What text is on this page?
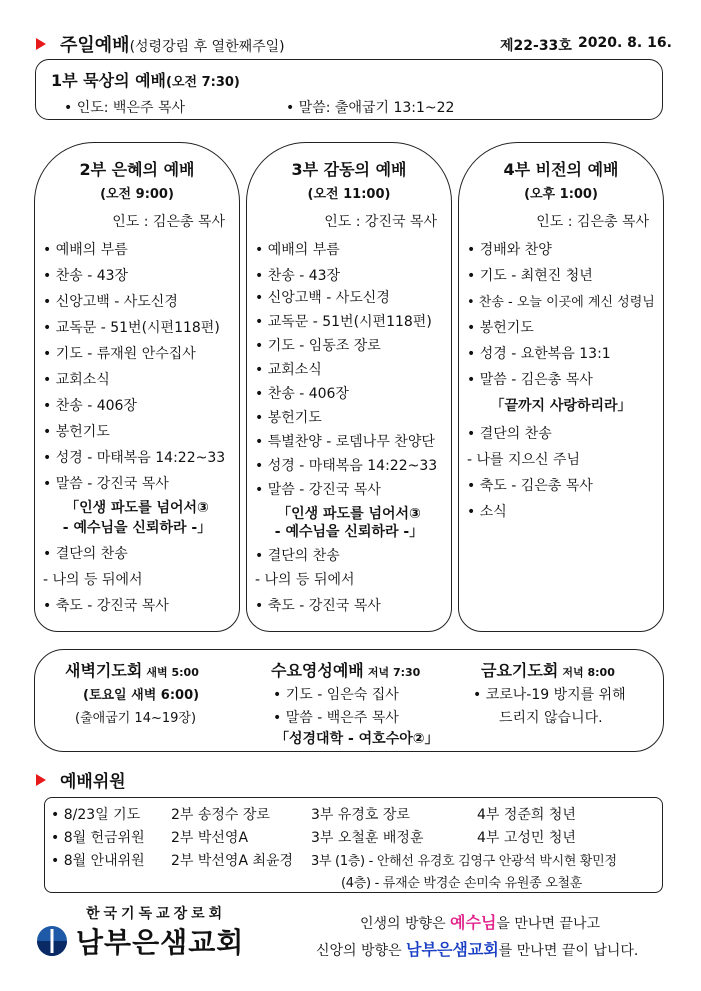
주일예배(성령강림 후 열한째주일)	제22-33호 2020. 8. 16.
1부 묵상의 예배(오전 7:30)
• 인도: 백은주 목사	• 말씀: 출애굽기 13:1~22
2부 은혜의 예배
(오전 9:00)
인도 : 김은총 목사
• 예배의 부름
• 찬송 - 43장
• 신앙고백 - 사도신경
• 교독문 - 51번(시편118편)
• 기도 - 류재원 안수집사
• 교회소식
• 찬송 - 406장
• 봉헌기도
• 성경 - 마태복음 14:22~33
• 말씀 - 강진국 목사
「인생 파도를 넘어서③
- 예수님을 신뢰하라 -」
• 결단의 찬송
- 나의 등 뒤에서
• 축도 - 강진국 목사
3부 감동의 예배
(오전 11:00)
인도 : 강진국 목사
• 예배의 부름
• 찬송 - 43장
• 신앙고백 - 사도신경
• 교독문 - 51번(시편118편)
• 기도 - 임동조 장로
• 교회소식
• 찬송 - 406장
• 봉헌기도
• 특별찬양 - 로뎀나무 찬양단
• 성경 - 마태복음 14:22~33
• 말씀 - 강진국 목사
「인생 파도를 넘어서③
- 예수님을 신뢰하라 -」
• 결단의 찬송
- 나의 등 뒤에서
• 축도 - 강진국 목사
4부 비전의 예배
(오후 1:00)
인도 : 김은총 목사
• 경배와 찬양
• 기도 - 최현진 청년
• 찬송 - 오늘 이곳에 계신 성령님
• 봉헌기도
• 성경 - 요한복음 13:1
• 말씀 - 김은총 목사
「끝까지 사랑하리라」
• 결단의 찬송
- 나를 지으신 주님
• 축도 - 김은총 목사
• 소식
새벽기도회 새벽 5:00
(토요일 새벽 6:00)
(출애굽기 14~19장)
수요영성예배 저녁 7:30
• 기도 - 임은숙 집사
• 말씀 - 백은주 목사
「성경대학 - 여호수아②」
금요기도회 저녁 8:00
• 코로나-19 방지를 위해
드리지 않습니다.
예배위원
• 8/23일 기도 2부 송정수 장로	3부 유경호 장로	4부 정준희 청년
• 8월 헌금위원 2부 박선영A	3부 오철훈 배정훈	4부 고성민 청년
• 8월 안내위원 2부 박선영A 최윤경 3부 (1층) - 안해선 유경호 김영구 안광석 박시현 황민정
(4층) - 류재순 박경순 손미숙 유원종 오철훈
한국기독교장로회
남부은샘교회
인생의 방향은 예수님을 만나면 끝나고
신앙의 방향은 남부은샘교회를 만나면 끝이 납니다.
